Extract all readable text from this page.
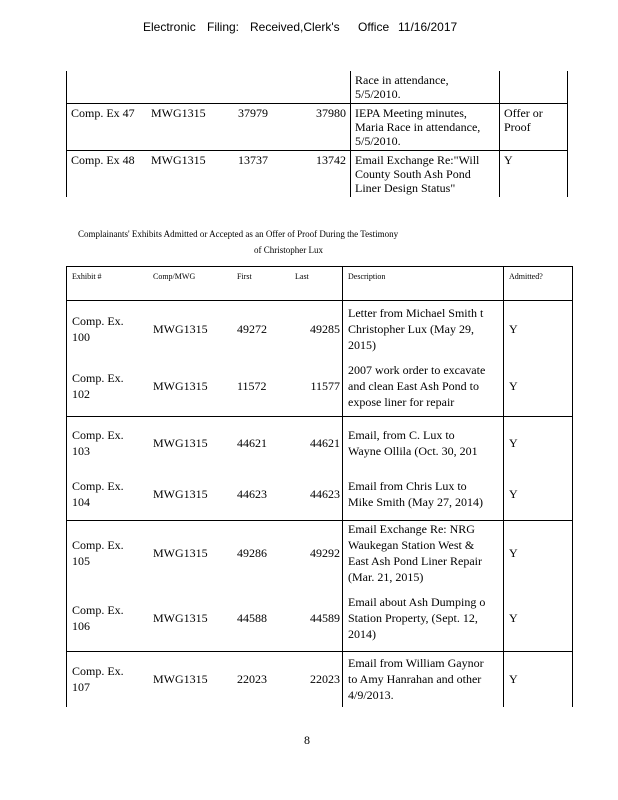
Electronic Filing: Received,Clerk's Office 11/16/2017
				Race in attendance,
5/5/2010.	
Comp. Ex 47	MWG1315	37979	37980	IEPA Meeting minutes,
Maria Race in attendance,
5/5/2010.	Offer or
Proof
Comp. Ex 48	MWG1315	13737	13742	Email Exchange Re:"Will
County South Ash Pond
Liner Design Status"	Y
Complainants' Exhibits Admitted or Accepted as an Offer of Proof During the Testimony
of Christopher Lux
Exhibit #	Comp/MWG	First	Last	Description	Admitted?
Comp. Ex.
100	MWG1315	49272	49285	Letter from Michael Smith t
Christopher Lux (May 29,
2015)	Y
Comp. Ex.
102	MWG1315	11572	11577	2007 work order to excavate
and clean East Ash Pond to
expose liner for repair	Y
Comp. Ex.
103	MWG1315	44621	44621	Email, from C. Lux to
Wayne Ollila (Oct. 30, 201	Y
Comp. Ex.
104	MWG1315	44623	44623	Email from Chris Lux to
Mike Smith (May 27, 2014)	Y
Comp. Ex.
105	MWG1315	49286	49292	Email Exchange Re: NRG
Waukegan Station West &
East Ash Pond Liner Repair
(Mar. 21, 2015)	Y
Comp. Ex.
106	MWG1315	44588	44589	Email about Ash Dumping o
Station Property, (Sept. 12,
2014)	Y
Comp. Ex.
107	MWG1315	22023	22023	Email from William Gaynor
to Amy Hanrahan and other
4/9/2013.	Y
8
